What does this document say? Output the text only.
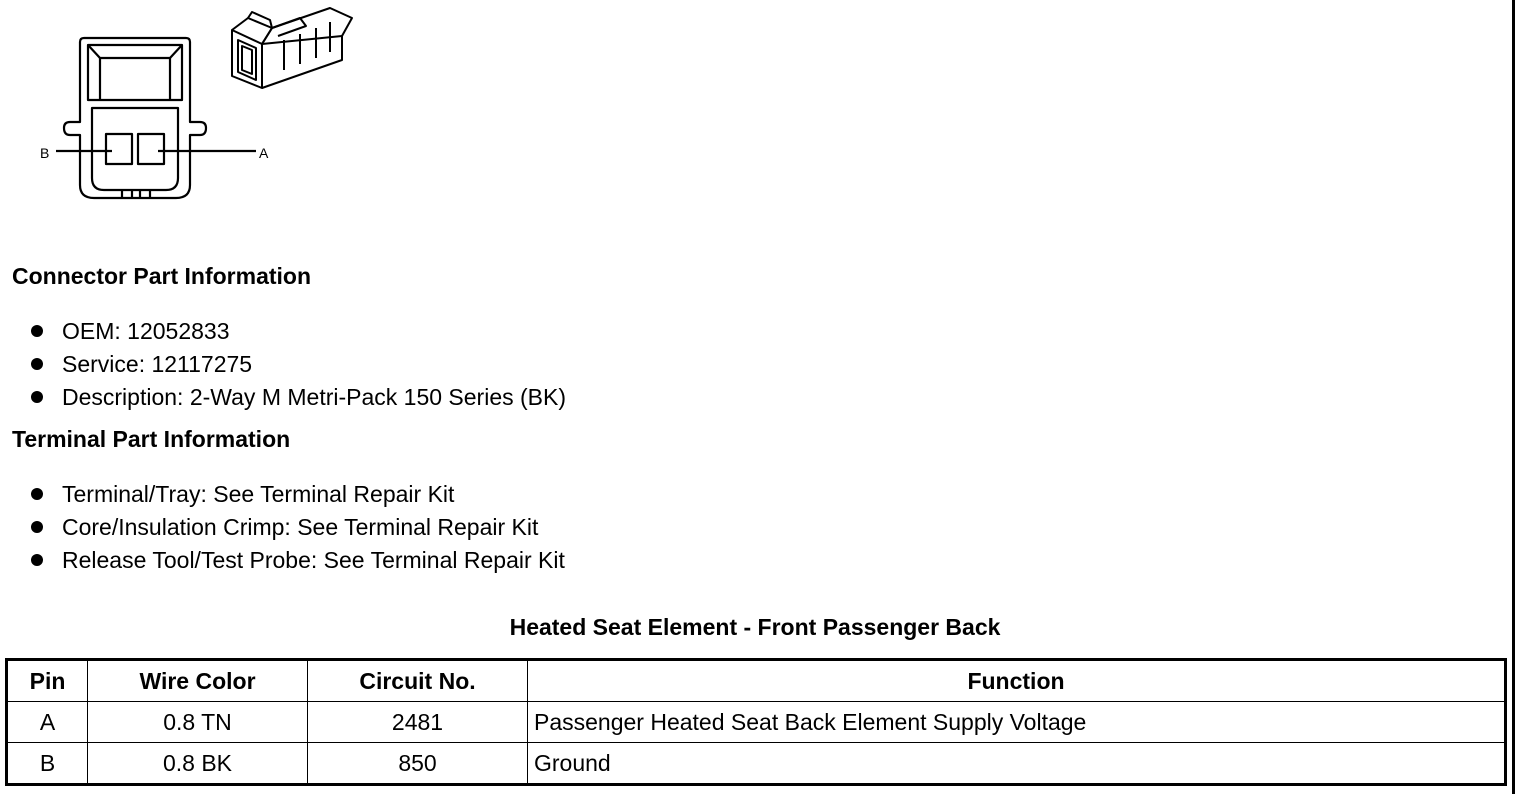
B	A
Connector Part Information
OEM: 12052833
Service: 12117275
Description: 2-Way M Metri-Pack 150 Series (BK)
Terminal Part Information
Terminal/Tray: See Terminal Repair Kit
Core/Insulation Crimp: See Terminal Repair Kit
Release Tool/Test Probe: See Terminal Repair Kit
Heated Seat Element - Front Passenger Back
Pin	Wire Color	Circuit No.	Function
A	0.8 TN	2481	Passenger Heated Seat Back Element Supply Voltage
B	0.8 BK	850	Ground
